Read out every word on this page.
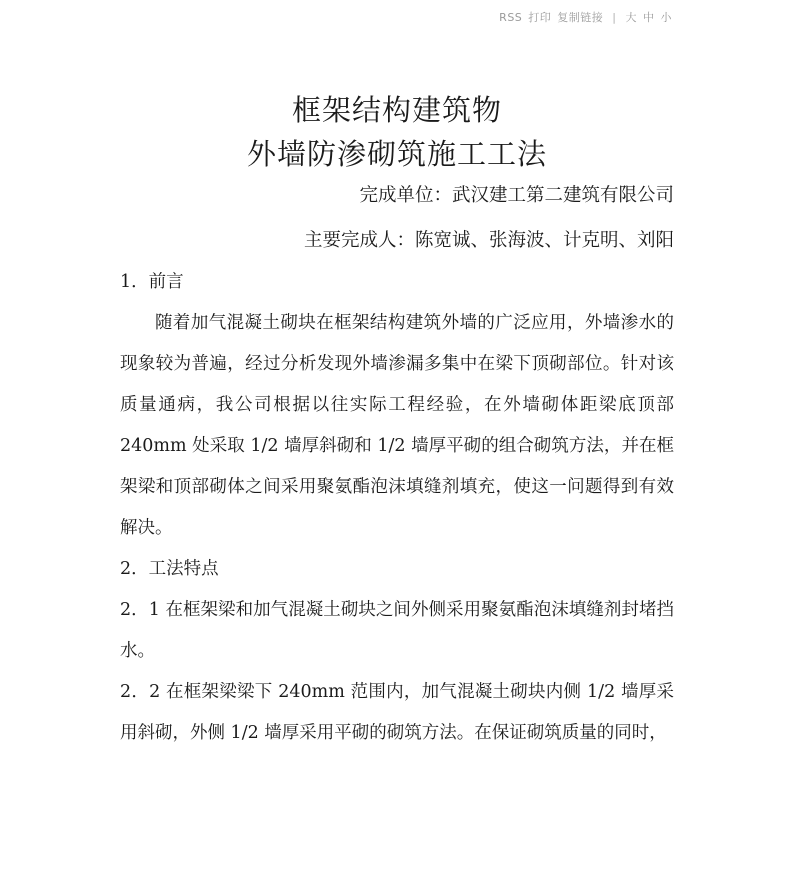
RSS 打印 复制链接 | 大 中 小
框架结构建筑物
外墙防渗砌筑施工工法
完成单位：武汉建工第二建筑有限公司
主要完成人：陈宽诚、张海波、计克明、刘阳

1．前言

随着加气混凝土砌块在框架结构建筑外墙的广泛应用，外墙渗水的现象较为普遍，经过分析发现外墙渗漏多集中在梁下顶砌部位。针对该质量通病，我公司根据以往实际工程经验，在外墙砌体距梁底顶部 240mm 处采取 1/2 墙厚斜砌和 1/2 墙厚平砌的组合砌筑方法，并在框架梁和顶部砌体之间采用聚氨酯泡沫填缝剂填充，使这一问题得到有效解决。

2．工法特点

2．1 在框架梁和加气混凝土砌块之间外侧采用聚氨酯泡沫填缝剂封堵挡水。

2．2 在框架梁梁下 240mm 范围内，加气混凝土砌块内侧 1/2 墙厚采用斜砌，外侧 1/2 墙厚采用平砌的砌筑方法。在保证砌筑质量的同时，
